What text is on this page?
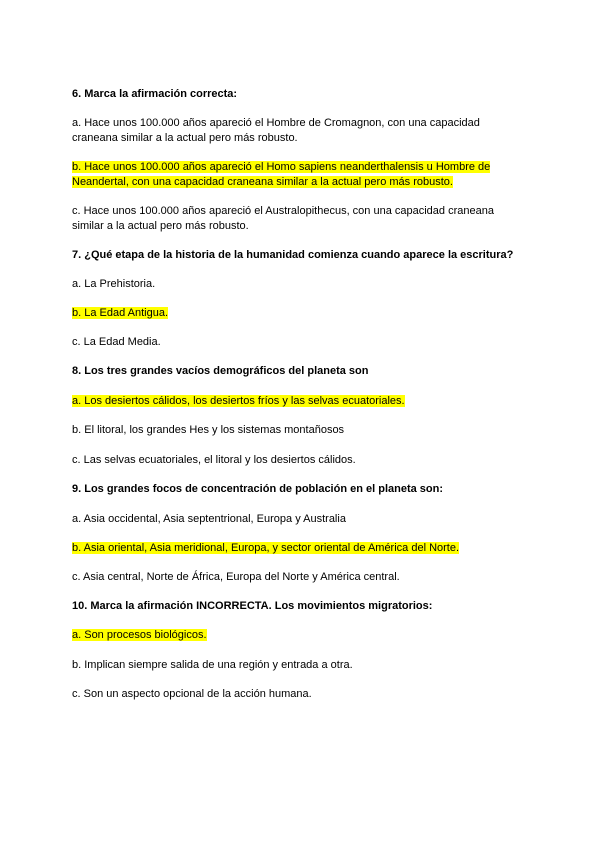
6. Marca la afirmación correcta:
a. Hace unos 100.000 años apareció el Hombre de Cromagnon, con una capacidad
craneana similar a la actual pero más robusto.
b. Hace unos 100.000 años apareció el Homo sapiens neanderthalensis u Hombre de
Neandertal, con una capacidad craneana similar a la actual pero más robusto.
c. Hace unos 100.000 años apareció el Australopithecus, con una capacidad craneana
similar a la actual pero más robusto.
7. ¿Qué etapa de la historia de la humanidad comienza cuando aparece la escritura?
a. La Prehistoria.
b. La Edad Antigua.
c. La Edad Media.
8. Los tres grandes vacíos demográficos del planeta son
a. Los desiertos cálidos, los desiertos fríos y las selvas ecuatoriales.
b. El litoral, los grandes Hes y los sistemas montañosos
c. Las selvas ecuatoriales, el litoral y los desiertos cálidos.
9. Los grandes focos de concentración de población en el planeta son:
a. Asia occidental, Asia septentrional, Europa y Australia
b. Asia oriental, Asia meridional, Europa, y sector oriental de América del Norte.
c. Asia central, Norte de África, Europa del Norte y América central.
10. Marca la afirmación INCORRECTA. Los movimientos migratorios:
a. Son procesos biológicos.
b. Implican siempre salida de una región y entrada a otra.
c. Son un aspecto opcional de la acción humana.
